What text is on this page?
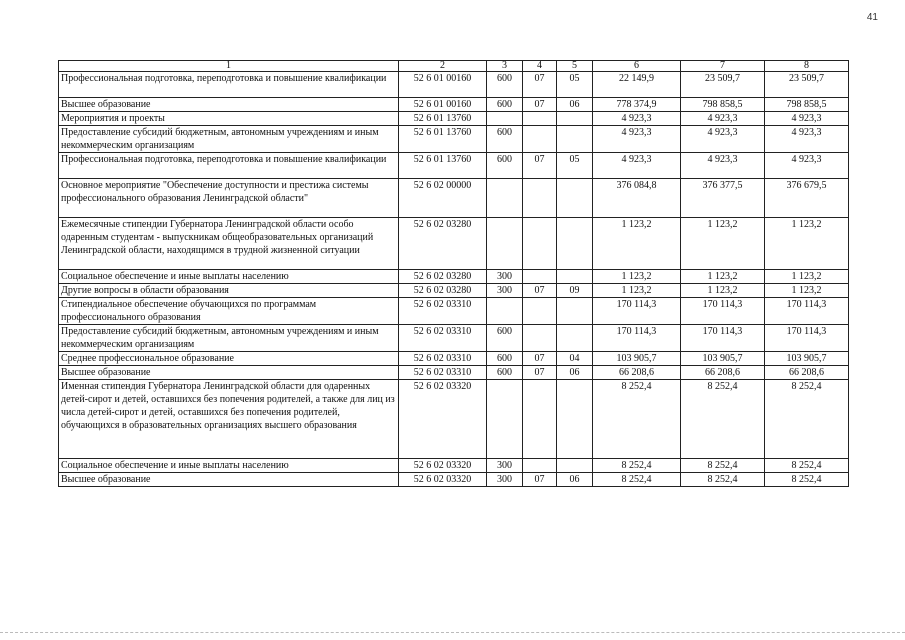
41
1	2	3	4	5	6	7	8
Профессиональная подготовка, переподготовка и повышение квалификации	52 6 01 00160	600	07	05	22 149,9	23 509,7	23 509,7
Высшее образование	52 6 01 00160	600	07	06	778 374,9	798 858,5	798 858,5
Мероприятия и проекты	52 6 01 13760				4 923,3	4 923,3	4 923,3
Предоставление субсидий бюджетным, автономным учреждениям и иным некоммерческим организациям	52 6 01 13760	600			4 923,3	4 923,3	4 923,3
Профессиональная подготовка, переподготовка и повышение квалификации	52 6 01 13760	600	07	05	4 923,3	4 923,3	4 923,3
Основное мероприятие "Обеспечение доступности и престижа системы профессионального образования Ленинградской области"	52 6 02 00000				376 084,8	376 377,5	376 679,5
Ежемесячные стипендии Губернатора Ленинградской области особо одаренным студентам - выпускникам общеобразовательных организаций Ленинградской области, находящимся в трудной жизненной ситуации	52 6 02 03280				1 123,2	1 123,2	1 123,2
Социальное обеспечение и иные выплаты населению	52 6 02 03280	300			1 123,2	1 123,2	1 123,2
Другие вопросы в области образования	52 6 02 03280	300	07	09	1 123,2	1 123,2	1 123,2
Стипендиальное обеспечение обучающихся по программам профессионального образования	52 6 02 03310				170 114,3	170 114,3	170 114,3
Предоставление субсидий бюджетным, автономным учреждениям и иным некоммерческим организациям	52 6 02 03310	600			170 114,3	170 114,3	170 114,3
Среднее профессиональное образование	52 6 02 03310	600	07	04	103 905,7	103 905,7	103 905,7
Высшее образование	52 6 02 03310	600	07	06	66 208,6	66 208,6	66 208,6
Именная стипендия Губернатора Ленинградской области для одаренных детей-сирот и детей, оставшихся без попечения родителей, а также для лиц из числа детей-сирот и детей, оставшихся без попечения родителей, обучающихся в образовательных организациях высшего образования	52 6 02 03320				8 252,4	8 252,4	8 252,4
Социальное обеспечение и иные выплаты населению	52 6 02 03320	300			8 252,4	8 252,4	8 252,4
Высшее образование	52 6 02 03320	300	07	06	8 252,4	8 252,4	8 252,4
